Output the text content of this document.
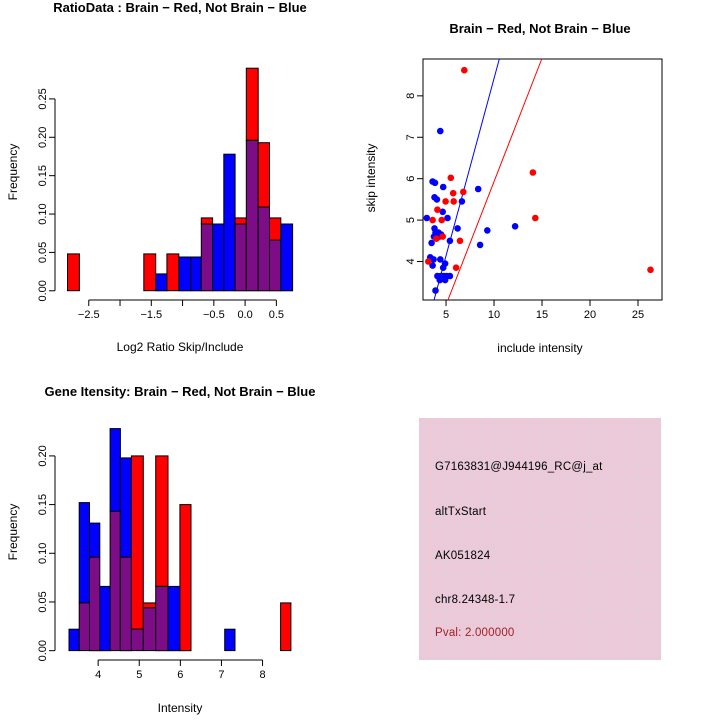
−2.5	−1.5	−0.5 0.0 0.5
0.00
0.05
0.10
0.15
0.20
0.25
5	10	15	20	25
4
5
6
7
8
4	5	6	7	8
0.00
0.05
0.10
0.15
0.20
RatioData : Brain − Red, Not Brain − Blue
Brain − Red, Not Brain − Blue
Gene Itensity: Brain − Red, Not Brain − Blue
Log2 Ratio Skip/Include	include intensity
Intensity
Frequency	skip intensity
Frequency
G7163831@J944196_RC@j_at
altTxStart
AK051824
chr8.24348-1.7
Pval: 2.000000
